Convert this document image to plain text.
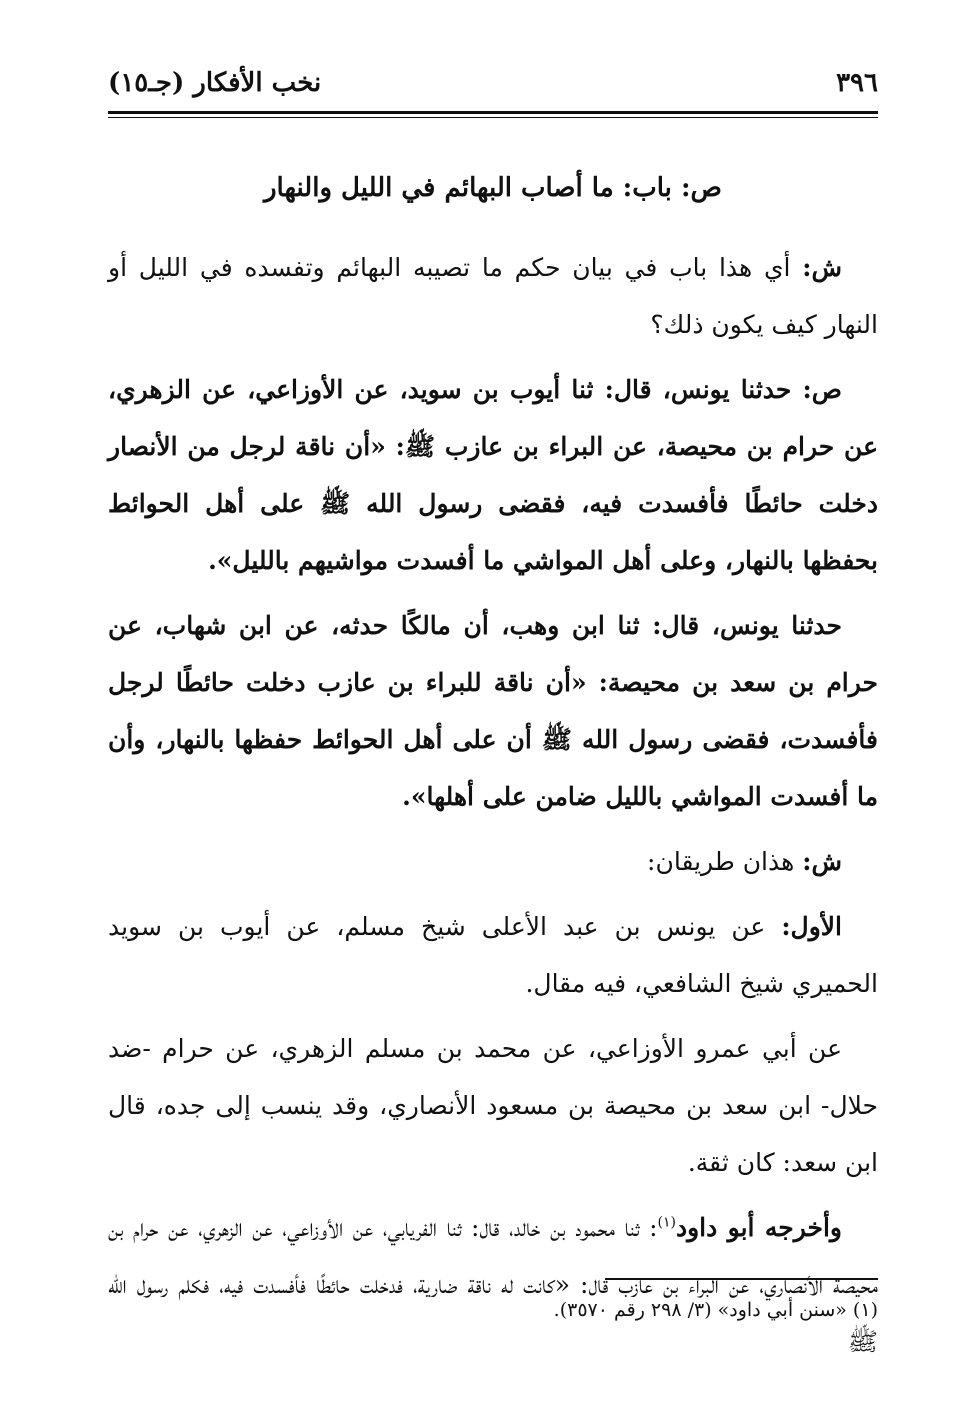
٣٩٦
نخب الأفكار (جـ١٥)

ص: باب: ما أصاب البهائم في الليل والنهار

ش: أي هذا باب في بيان حكم ما تصيبه البهائم وتفسده في الليل أو النهار كيف يكون ذلك؟

ص: حدثنا يونس، قال: ثنا أيوب بن سويد، عن الأوزاعي، عن الزهري، عن حرام بن محيصة، عن البراء بن عازب ﷺ: «أن ناقة لرجل من الأنصار دخلت حائطًا فأفسدت فيه، فقضى رسول الله ﷺ على أهل الحوائط بحفظها بالنهار، وعلى أهل المواشي ما أفسدت مواشيهم بالليل».

حدثنا يونس، قال: ثنا ابن وهب، أن مالكًا حدثه، عن ابن شهاب، عن حرام بن سعد بن محيصة: «أن ناقة للبراء بن عازب دخلت حائطًا لرجل فأفسدت، فقضى رسول الله ﷺ أن على أهل الحوائط حفظها بالنهار، وأن ما أفسدت المواشي بالليل ضامن على أهلها».

ش: هذان طريقان:

الأول: عن يونس بن عبد الأعلى شيخ مسلم، عن أيوب بن سويد الحميري شيخ الشافعي، فيه مقال.

عن أبي عمرو الأوزاعي، عن محمد بن مسلم الزهري، عن حرام -ضد حلال- ابن سعد بن محيصة بن مسعود الأنصاري، وقد ينسب إلى جده، قال ابن سعد: كان ثقة.

وأخرجه أبو داود$^{(١)}$: ثنا محمود بن خالد، قال: ثنا الفريابي، عن الأوزاعي، عن الزهري، عن حرام بن محيصة الأنصاري، عن البراء بن عازب قال: «كانت له ناقة ضارية، فدخلت حائطًا فأفسدت فيه، فكلم رسول الله ﷺ

(١) «سنن أبي داود» (٣/ ٢٩٨ رقم ٣٥٧٠).
